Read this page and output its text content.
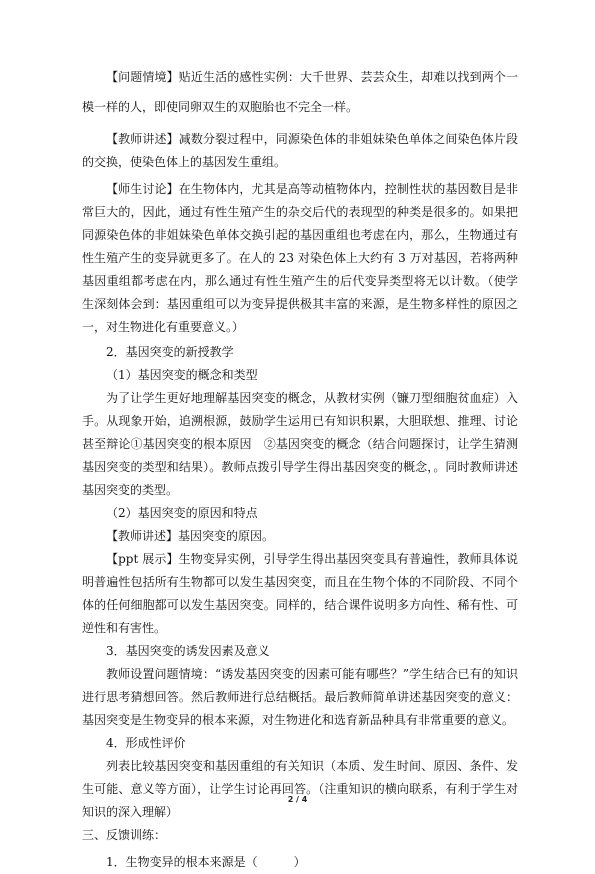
【问题情境】贴近生活的感性实例：大千世界、芸芸众生，却难以找到两个一模一样的人，即使同卵双生的双胞胎也不完全一样。

【教师讲述】减数分裂过程中，同源染色体的非姐妹染色单体之间染色体片段的交换，使染色体上的基因发生重组。

【师生讨论】在生物体内，尤其是高等动植物体内，控制性状的基因数目是非常巨大的，因此，通过有性生殖产生的杂交后代的表现型的种类是很多的。如果把同源染色体的非姐妹染色单体交换引起的基因重组也考虑在内，那么，生物通过有性生殖产生的变异就更多了。在人的 23 对染色体上大约有 3 万对基因，若将两种基因重组都考虑在内，那么通过有性生殖产生的后代变异类型将无以计数。（使学生深刻体会到：基因重组可以为变异提供极其丰富的来源，是生物多样性的原因之一，对生物进化有重要意义。）

2．基因突变的新授教学

（1）基因突变的概念和类型

为了让学生更好地理解基因突变的概念，从教材实例（镰刀型细胞贫血症）入手。从现象开始，追溯根源，鼓励学生运用已有知识积累，大胆联想、推理、讨论甚至辩论①基因突变的根本原因　②基因突变的概念（结合问题探讨，让学生猜测基因突变的类型和结果）。教师点拨引导学生得出基因突变的概念，。同时教师讲述基因突变的类型。

（2）基因突变的原因和特点

【教师讲述】基因突变的原因。

【ppt 展示】生物变异实例，引导学生得出基因突变具有普遍性，教师具体说明普遍性包括所有生物都可以发生基因突变，而且在生物个体的不同阶段、不同个体的任何细胞都可以发生基因突变。同样的，结合课件说明多方向性、稀有性、可逆性和有害性。

3．基因突变的诱发因素及意义

教师设置问题情境：“诱发基因突变的因素可能有哪些？”学生结合已有的知识进行思考猜想回答。然后教师进行总结概括。最后教师简单讲述基因突变的意义：基因突变是生物变异的根本来源，对生物进化和选育新品种具有非常重要的意义。

4．形成性评价

列表比较基因突变和基因重组的有关知识（本质、发生时间、原因、条件、发生可能、意义等方面），让学生讨论再回答。（注重知识的横向联系，有利于学生对知识的深入理解）

三、反馈训练：

1．生物变异的根本来源是（　　　）

2 / 4
